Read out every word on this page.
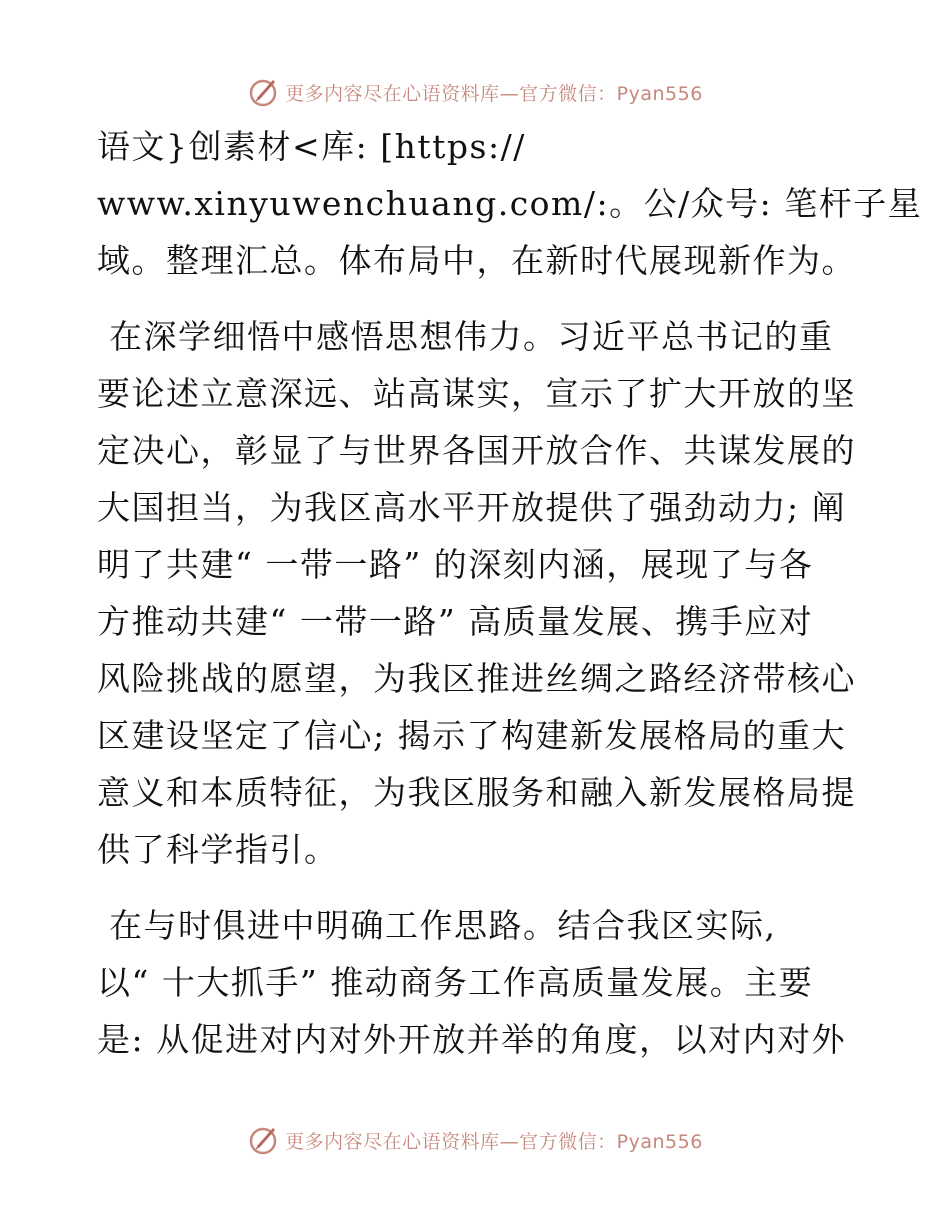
更多内容尽在心语资料库—官方微信：Pyan556
语文}创素材<库: [https://
www.xinyuwenchuang.com/:。公/众号: 笔杆子星
域。整理汇总。体布局中，在新时代展现新作为。
在深学细悟中感悟思想伟力。习近平总书记的重
要论述立意深远、站高谋实，宣示了扩大开放的坚
定决心，彰显了与世界各国开放合作、共谋发展的
大国担当，为我区高水平开放提供了强劲动力; 阐
明了共建“ 一带一路” 的深刻内涵，展现了与各
方推动共建“ 一带一路” 高质量发展、携手应对
风险挑战的愿望，为我区推进丝绸之路经济带核心
区建设坚定了信心; 揭示了构建新发展格局的重大
意义和本质特征，为我区服务和融入新发展格局提
供了科学指引。
在与时俱进中明确工作思路。结合我区实际,
以“ 十大抓手” 推动商务工作高质量发展。主要
是: 从促进对内对外开放并举的角度，以对内对外
更多内容尽在心语资料库—官方微信：Pyan556
